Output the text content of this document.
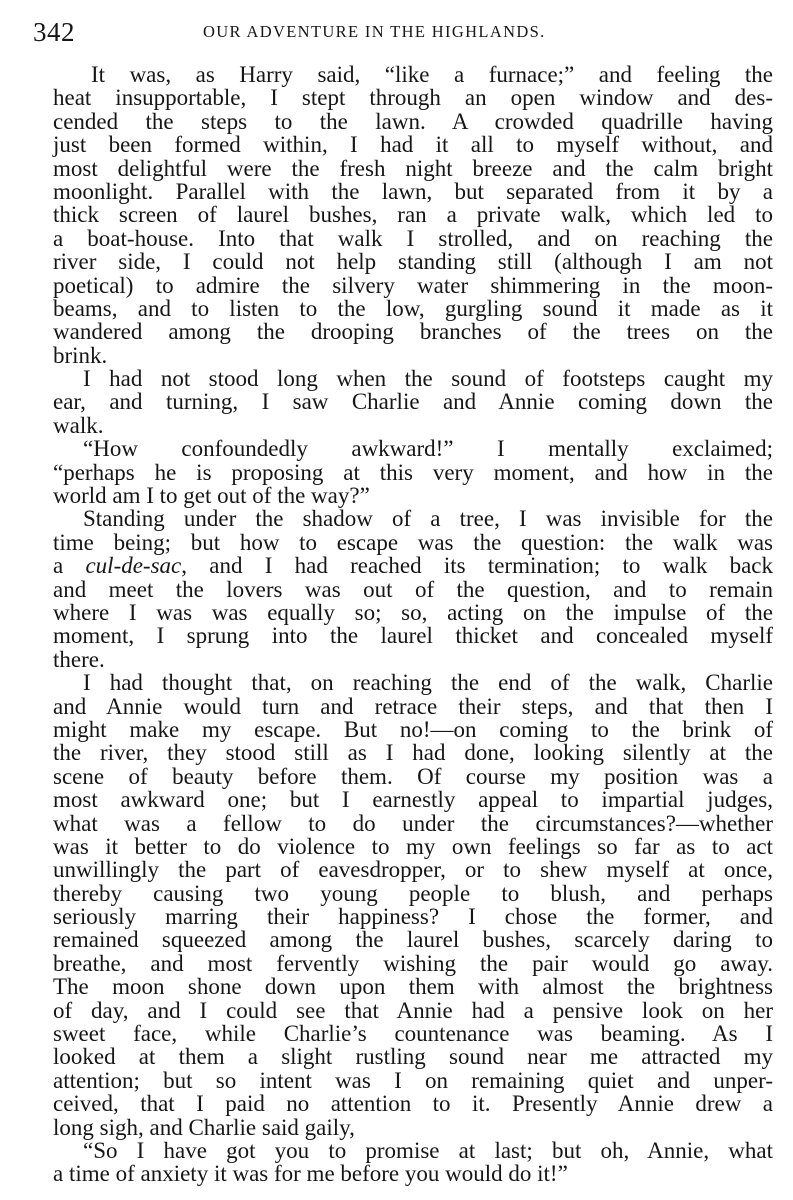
342	OUR ADVENTURE IN THE HIGHLANDS.
It was, as Harry said, “like a furnace;” and feeling the
heat insupportable, I stept through an open window and des-
cended the steps to the lawn. A crowded quadrille having
just been formed within, I had it all to myself without, and
most delightful were the fresh night breeze and the calm bright
moonlight. Parallel with the lawn, but separated from it by a
thick screen of laurel bushes, ran a private walk, which led to
a boat-house. Into that walk I strolled, and on reaching the
river side, I could not help standing still (although I am not
poetical) to admire the silvery water shimmering in the moon-
beams, and to listen to the low, gurgling sound it made as it
wandered among the drooping branches of the trees on the
brink.
I had not stood long when the sound of footsteps caught my
ear, and turning, I saw Charlie and Annie coming down the
walk.
“How confoundedly awkward!” I mentally exclaimed;
“perhaps he is proposing at this very moment, and how in the
world am I to get out of the way?”
Standing under the shadow of a tree, I was invisible for the
time being; but how to escape was the question: the walk was
a cul-de-sac, and I had reached its termination; to walk back
and meet the lovers was out of the question, and to remain
where I was was equally so; so, acting on the impulse of the
moment, I sprung into the laurel thicket and concealed myself
there.
I had thought that, on reaching the end of the walk, Charlie
and Annie would turn and retrace their steps, and that then I
might make my escape. But no!—on coming to the brink of
the river, they stood still as I had done, looking silently at the
scene of beauty before them. Of course my position was a
most awkward one; but I earnestly appeal to impartial judges,
what was a fellow to do under the circumstances?—whether
was it better to do violence to my own feelings so far as to act
unwillingly the part of eavesdropper, or to shew myself at once,
thereby causing two young people to blush, and perhaps
seriously marring their happiness? I chose the former, and
remained squeezed among the laurel bushes, scarcely daring to
breathe, and most fervently wishing the pair would go away.
The moon shone down upon them with almost the brightness
of day, and I could see that Annie had a pensive look on her
sweet face, while Charlie’s countenance was beaming. As I
looked at them a slight rustling sound near me attracted my
attention; but so intent was I on remaining quiet and unper-
ceived, that I paid no attention to it. Presently Annie drew a
long sigh, and Charlie said gaily,
“So I have got you to promise at last; but oh, Annie, what
a time of anxiety it was for me before you would do it!”
